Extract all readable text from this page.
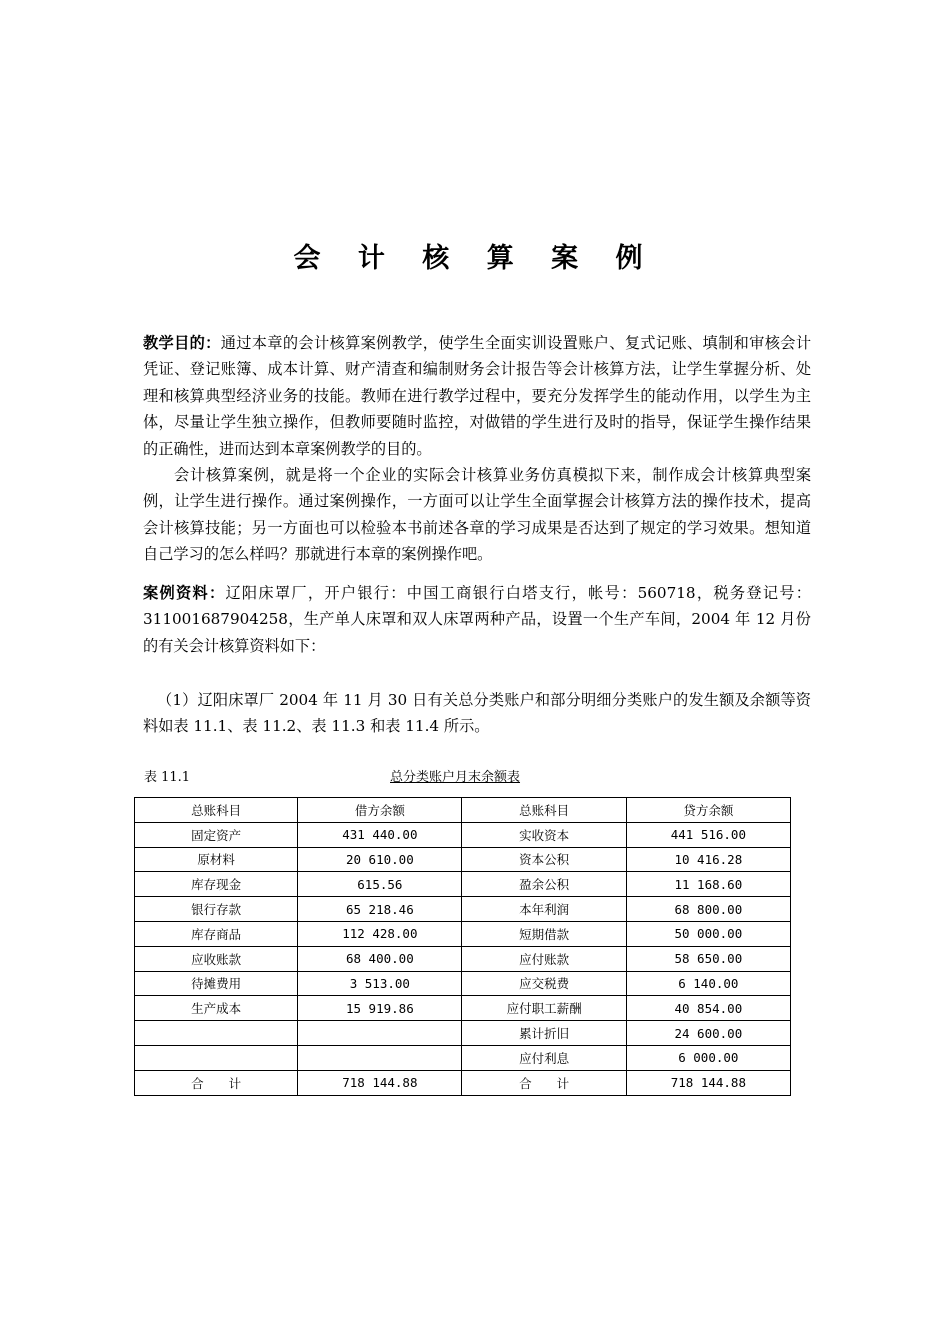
会 计 核 算 案 例

教学目的：通过本章的会计核算案例教学，使学生全面实训设置账户、复式记账、填制和审核会计凭证、登记账簿、成本计算、财产清查和编制财务会计报告等会计核算方法，让学生掌握分析、处理和核算典型经济业务的技能。教师在进行教学过程中，要充分发挥学生的能动作用，以学生为主体，尽量让学生独立操作，但教师要随时监控，对做错的学生进行及时的指导，保证学生操作结果的正确性，进而达到本章案例教学的目的。

会计核算案例，就是将一个企业的实际会计核算业务仿真模拟下来，制作成会计核算典型案例，让学生进行操作。通过案例操作，一方面可以让学生全面掌握会计核算方法的操作技术，提高会计核算技能；另一方面也可以检验本书前述各章的学习成果是否达到了规定的学习效果。想知道自己学习的怎么样吗？那就进行本章的案例操作吧。

案例资料：辽阳床罩厂，开户银行：中国工商银行白塔支行，帐号：560718，税务登记号：311001687904258，生产单人床罩和双人床罩两种产品，设置一个生产车间，2004 年 12 月份的有关会计核算资料如下：

（1）辽阳床罩厂 2004 年 11 月 30 日有关总分类账户和部分明细分类账户的发生额及余额等资料如表 11.1、表 11.2、表 11.3 和表 11.4 所示。

表 11.1	总分类账户月末余额表
总账科目	借方余额	总账科目	贷方余额
固定资产	431 440.00	实收资本	441 516.00
原材料	20 610.00	资本公积	10 416.28
库存现金	615.56	盈余公积	11 168.60
银行存款	65 218.46	本年利润	68 800.00
库存商品	112 428.00	短期借款	50 000.00
应收账款	68 400.00	应付账款	58 650.00
待摊费用	3 513.00	应交税费	6 140.00
生产成本	15 919.86	应付职工薪酬	40 854.00
		累计折旧	24 600.00
		应付利息	6 000.00
合　　计	718 144.88	合　　计	718 144.88
